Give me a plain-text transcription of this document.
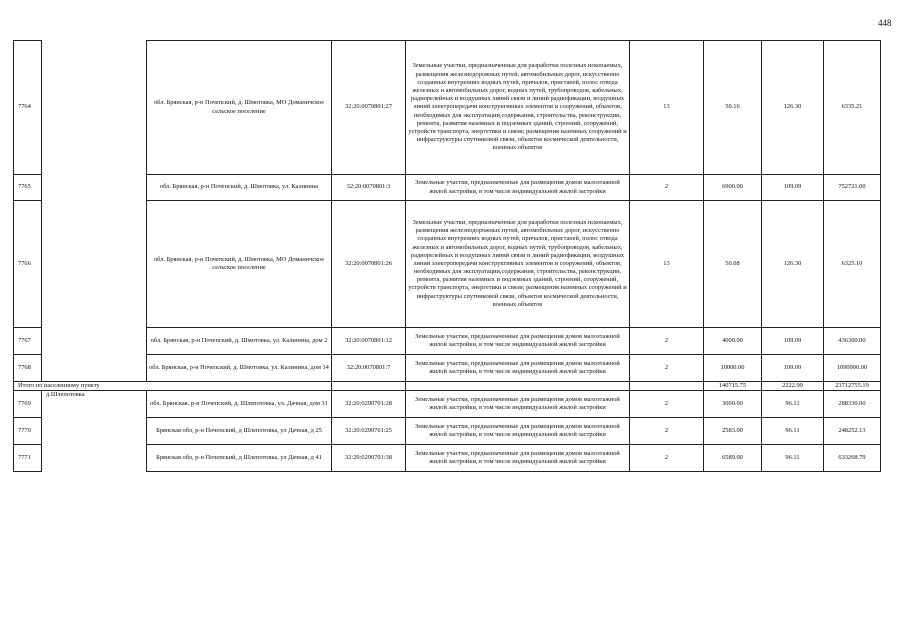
448
7764		обл. Брянская, р-н Почепский, д. Шмотовка, МО Доманичское сельское поселение	32:20:0070801:27	Земельные участки, предназначенные для разработки полезных ископаемых, размещения железнодорожных путей, автомобильных дорог, искусственно созданных внутренних водных путей, причалов, пристаней, полос отвода железных и автомобильных дорог, водных путей, трубопроводов, кабельных, радиорелейных и воздушных линий связи и линий радиофикации, воздушных линий электропередачи конструктивных элементов и сооружений, объектов, необходимых для эксплуатации,содержания, строительства, реконструкции, ремонта, развития наземных и подземных зданий, строений, сооружений, устройств транспорта, энергетики и связи; размещения наземных сооружений и инфраструктуры спутниковой связи, объектов космической деятельности, военных объектов	13	50.16	126.30	6335.21
7765		обл. Брянская, р-н Почепский, д. Шмотовка, ул. Калинина	32:20:0070801:3	Земельные участки, предназначенные для размещения домов малоэтажной жилой застройки, в том числе индивидуальной жилой застройки	2	6900.00	109.09	752721.00
7766		обл. Брянская, р-н Почепский, д. Шмотовка, МО Доманичское сельское поселение	32:20:0070801:26	Земельные участки, предназначенные для разработки полезных ископаемых, размещения железнодорожных путей, автомобильных дорог, искусственно созданных внутренних водных путей, причалов, пристаней, полос отвода железных и автомобильных дорог, водных путей, трубопроводов, кабельных, радиорелейных и воздушных линий связи и линий радиофикации, воздушных линий электропередачи конструктивных элементов и сооружений, объектов, необходимых для эксплуатации,содержания, строительства, реконструкции, ремонта, развития наземных и подземных зданий, строений, сооружений, устройств транспорта, энергетики и связи; размещения наземных сооружений и инфраструктуры спутниковой связи, объектов космической деятельности, военных объектов	13	50.08	126.30	6325.10
7767		обл. Брянская, р-н Почепский, д. Шмотовка, ул. Калинина, дом 2	32:20:0070801:12	Земельные участки, предназначенные для размещения домов малоэтажной жилой застройки, в том числе индивидуальной жилой застройки	2	4000.00	109.09	436360.00
7768		обл. Брянская, р-н Почепский, д. Шмотовка, ул. Калинина, дом 14	32:20:0070801:7	Земельные участки, предназначенные для размещения домов малоэтажной жилой застройки, в том числе индивидуальной жилой застройки	2	10000.00	109.09	1090900.00
Итого по населенному пункту						140715.75	2222.99	23712755.19
7769	д.Шлепотовка	обл. Брянская, р-н Почепский, д. Шлепотовка, ул. Дачная, дом 31	32:20:0290701:28	Земельные участки, предназначенные для размещения домов малоэтажной жилой застройки, в том числе индивидуальной жилой застройки	2	3000.00	96.11	288330.00
7770		Брянская обл, р-н Почепский, д Шлепотовка, ул Дачная, д 25	32:20:0290701:25	Земельные участки, предназначенные для размещения домов малоэтажной жилой застройки, в том числе индивидуальной жилой застройки	2	2583.00	96.11	248252.13
7771		Брянская обл, р-н Почепский, д Шлепотовка, ул Дачная, д 41	32:20:0290701:38	Земельные участки, предназначенные для размещения домов малоэтажной жилой застройки, в том числе индивидуальной жилой застройки	2	6589.00	96.11	633268.79
